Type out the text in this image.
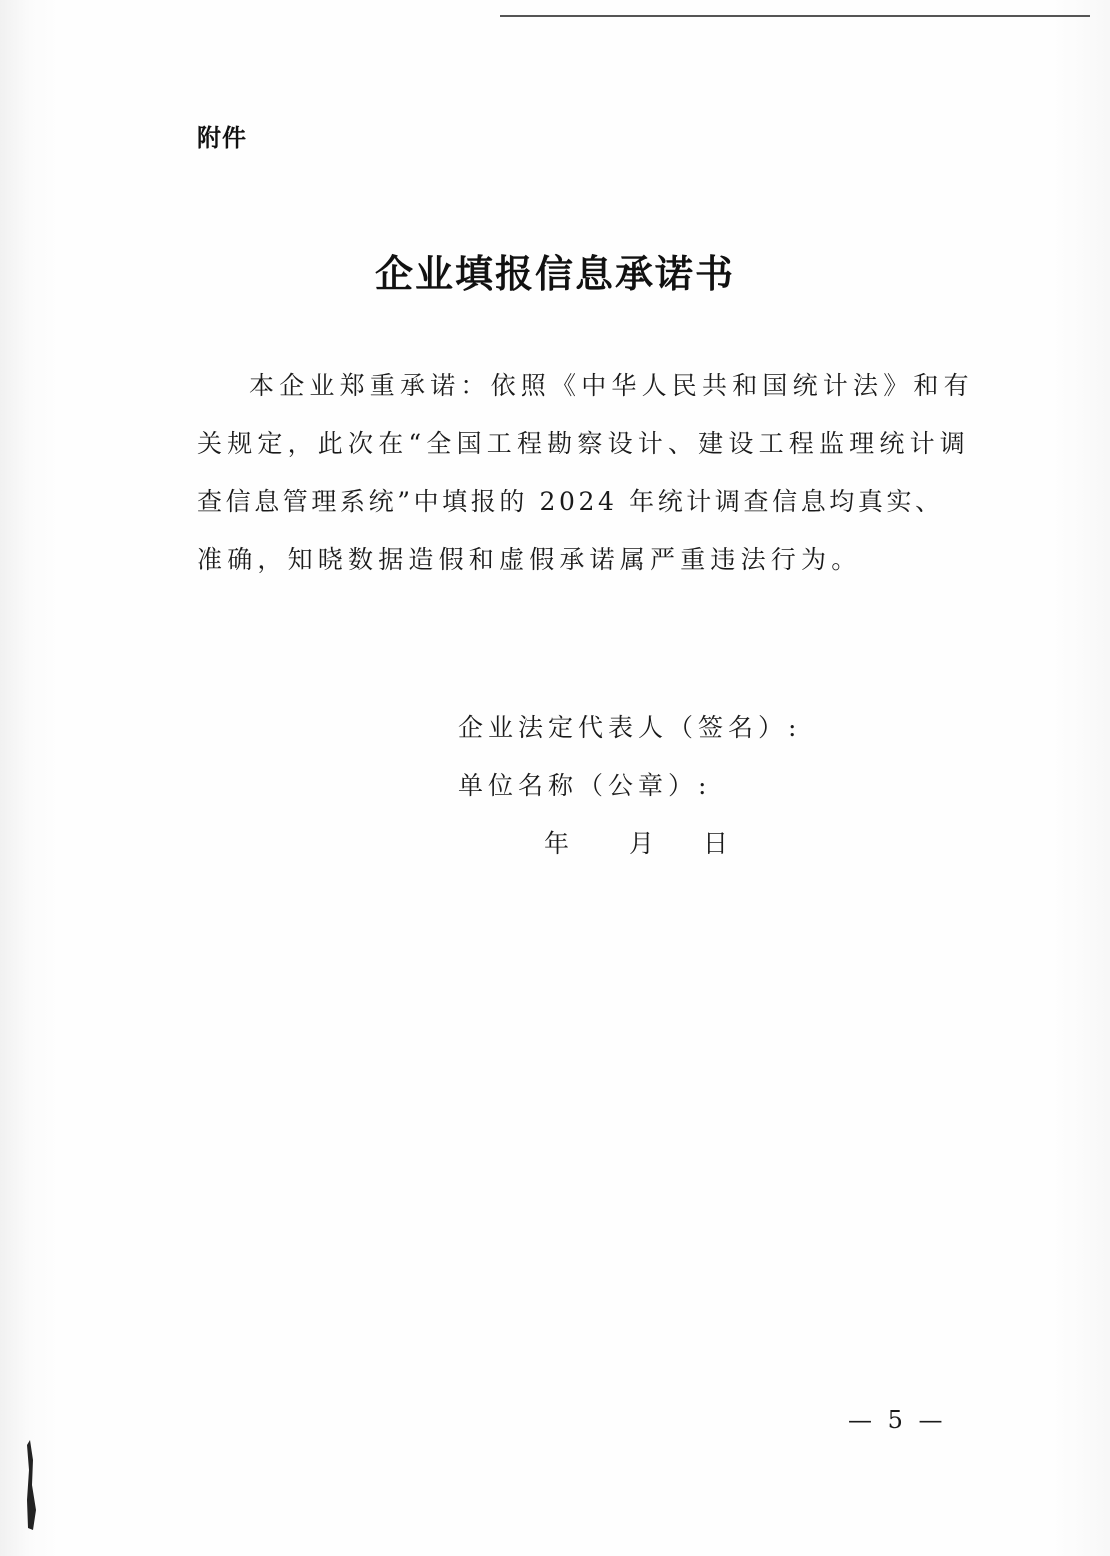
附件
企业填报信息承诺书
本企业郑重承诺：依照《中华人民共和国统计法》和有
关规定，此次在“全国工程勘察设计、建设工程监理统计调
查信息管理系统”中填报的 2024 年统计调查信息均真实、
准确，知晓数据造假和虚假承诺属严重违法行为。
企业法定代表人（签名）:
单位名称（公章）:
年 月 日
— 5 —
